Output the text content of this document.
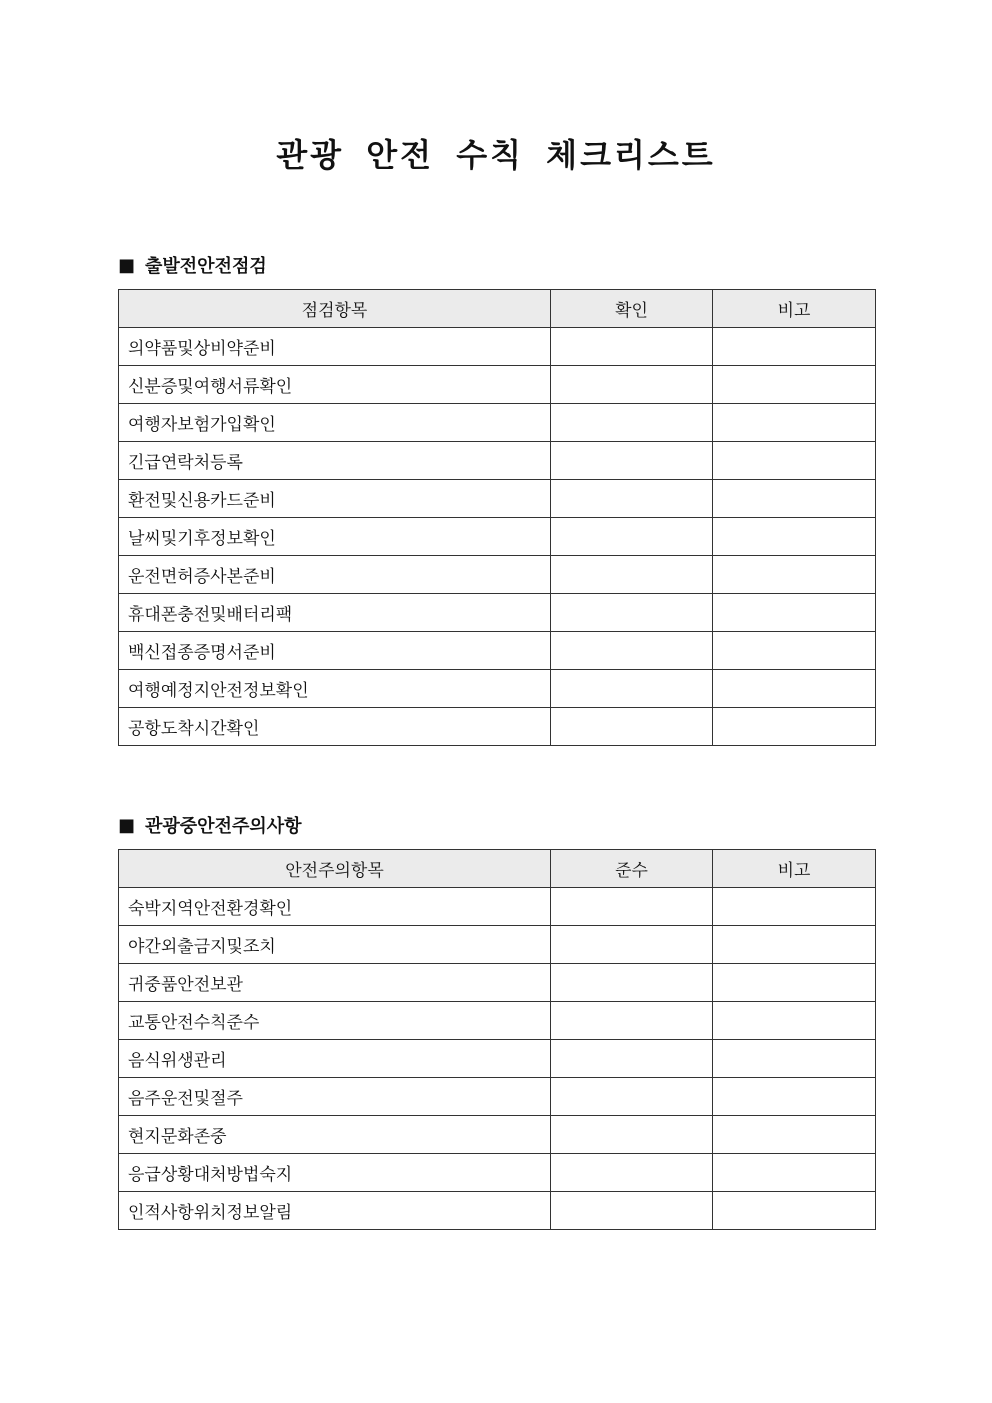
관광 안전 수칙 체크리스트
■ 출발전안전점검
점검항목	확인	비고
의약품및상비약준비		
신분증및여행서류확인		
여행자보험가입확인		
긴급연락처등록		
환전및신용카드준비		
날씨및기후정보확인		
운전면허증사본준비		
휴대폰충전및배터리팩		
백신접종증명서준비		
여행예정지안전정보확인		
공항도착시간확인		
■ 관광중안전주의사항
안전주의항목	준수	비고
숙박지역안전환경확인		
야간외출금지및조치		
귀중품안전보관		
교통안전수칙준수		
음식위생관리		
음주운전및절주		
현지문화존중		
응급상황대처방법숙지		
인적사항위치정보알림		
